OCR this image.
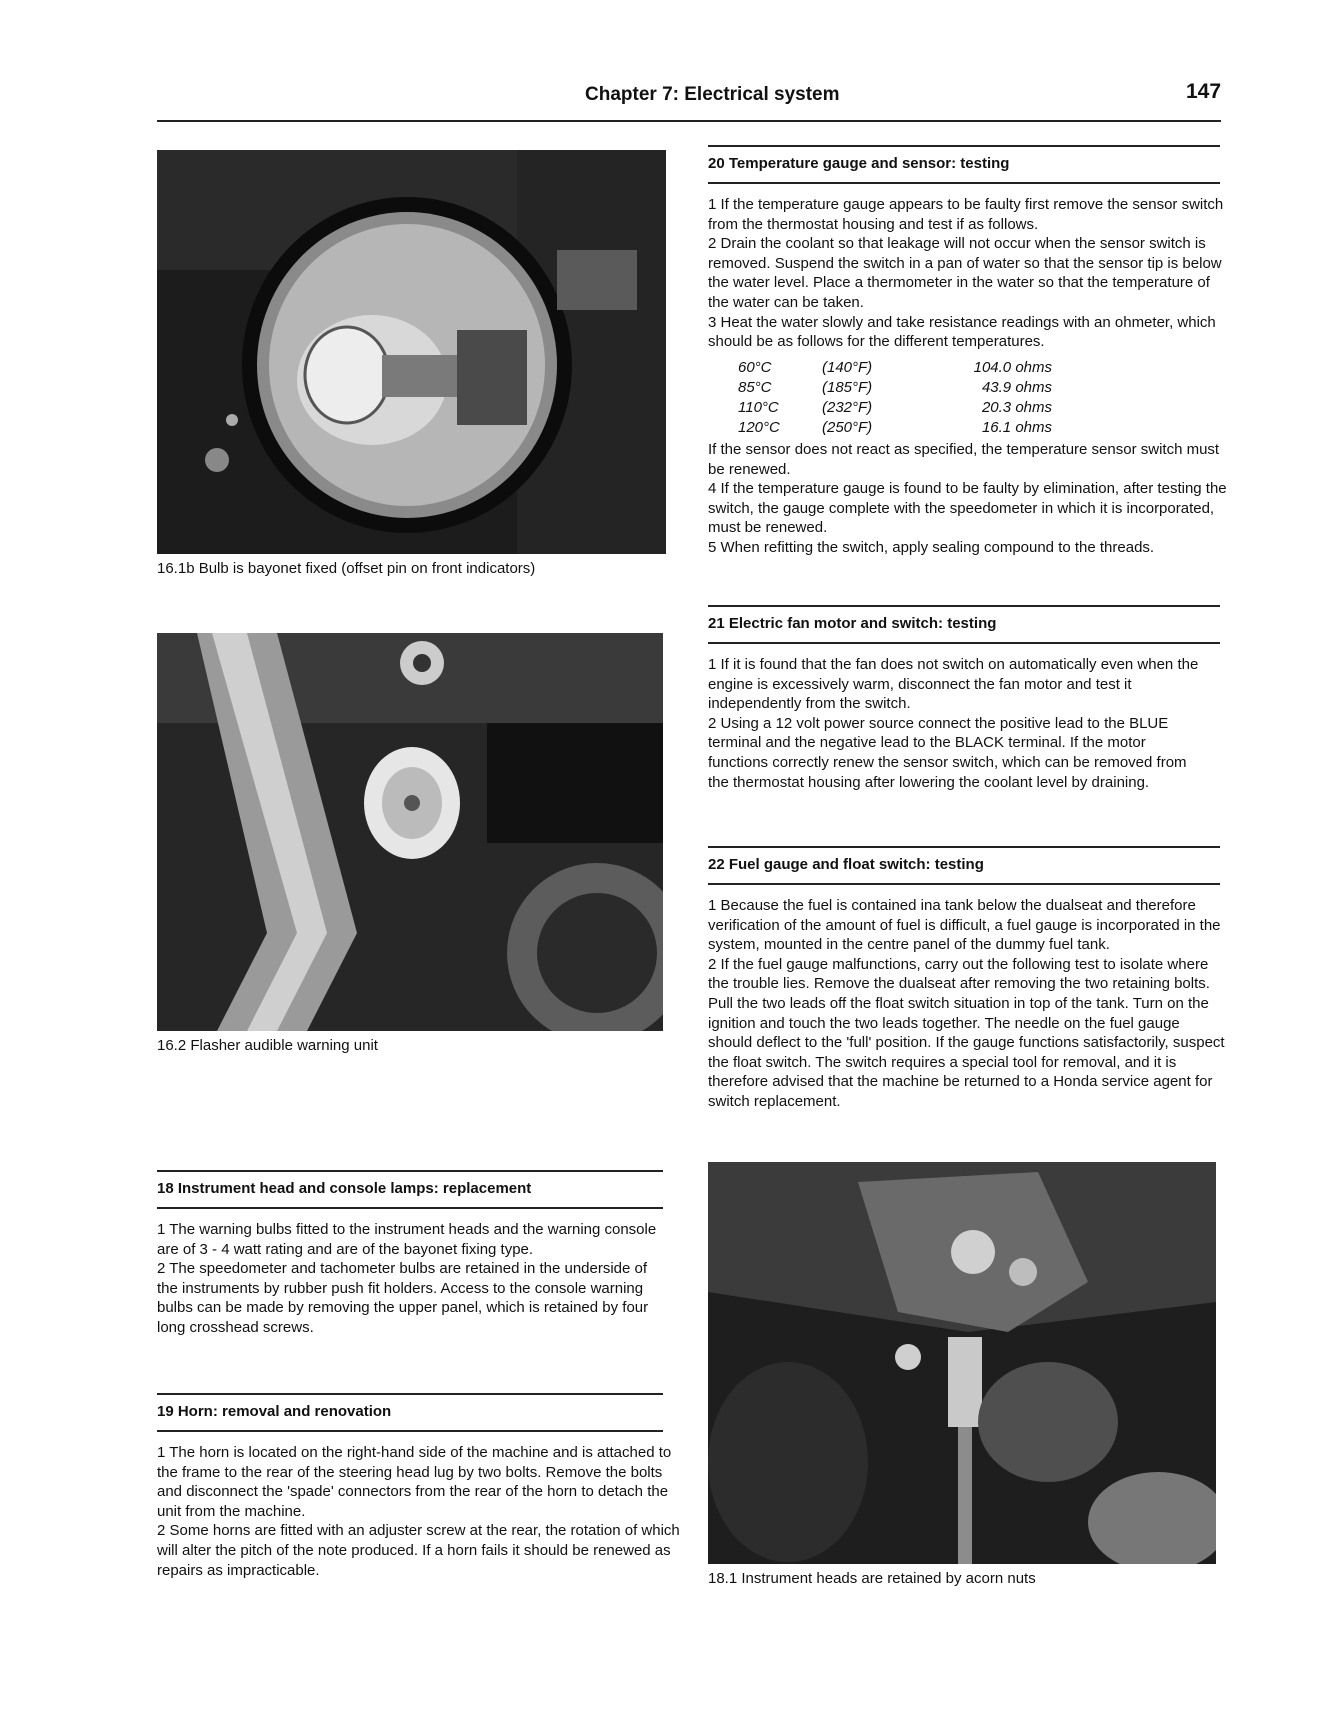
Chapter 7: Electrical system	147
16.1b Bulb is bayonet fixed (offset pin on front indicators)
16.2 Flasher audible warning unit
18 Instrument head and console lamps: replacement

1 The warning bulbs fitted to the instrument heads and the warning console are of 3 - 4 watt rating and are of the bayonet fixing type.

2 The speedometer and tachometer bulbs are retained in the underside of the instruments by rubber push fit holders. Access to the console warning bulbs can be made by removing the upper panel, which is retained by four long crosshead screws.

19 Horn: removal and renovation

1 The horn is located on the right-hand side of the machine and is attached to the frame to the rear of the steering head lug by two bolts. Remove the bolts and disconnect the 'spade' connectors from the rear of the horn to detach the unit from the machine.

2 Some horns are fitted with an adjuster screw at the rear, the rotation of which will alter the pitch of the note produced. If a horn fails it should be renewed as repairs as impracticable.

20 Temperature gauge and sensor: testing

1 If the temperature gauge appears to be faulty first remove the sensor switch from the thermostat housing and test if as follows.

2 Drain the coolant so that leakage will not occur when the sensor switch is removed. Suspend the switch in a pan of water so that the sensor tip is below the water level. Place a thermometer in the water so that the temperature of the water can be taken.

3 Heat the water slowly and take resistance readings with an ohmeter, which should be as follows for the different temperatures.

60°C	(140°F)	104.0 ohms
85°C	(185°F)	43.9 ohms
110°C	(232°F)	20.3 ohms
120°C	(250°F)	16.1 ohms

If the sensor does not react as specified, the temperature sensor switch must be renewed.

4 If the temperature gauge is found to be faulty by elimination, after testing the switch, the gauge complete with the speedometer in which it is incorporated, must be renewed.

5 When refitting the switch, apply sealing compound to the threads.

21 Electric fan motor and switch: testing

1 If it is found that the fan does not switch on automatically even when the engine is excessively warm, disconnect the fan motor and test it independently from the switch.

2 Using a 12 volt power source connect the positive lead to the BLUE terminal and the negative lead to the BLACK terminal. If the motor functions correctly renew the sensor switch, which can be removed from the thermostat housing after lowering the coolant level by draining.

22 Fuel gauge and float switch: testing

1 Because the fuel is contained ina tank below the dualseat and therefore verification of the amount of fuel is difficult, a fuel gauge is incorporated in the system, mounted in the centre panel of the dummy fuel tank.

2 If the fuel gauge malfunctions, carry out the following test to isolate where the trouble lies. Remove the dualseat after removing the two retaining bolts. Pull the two leads off the float switch situation in top of the tank. Turn on the ignition and touch the two leads together. The needle on the fuel gauge should deflect to the 'full' position. If the gauge functions satisfactorily, suspect the float switch. The switch requires a special tool for removal, and it is therefore advised that the machine be returned to a Honda service agent for switch replacement.

18.1 Instrument heads are retained by acorn nuts
